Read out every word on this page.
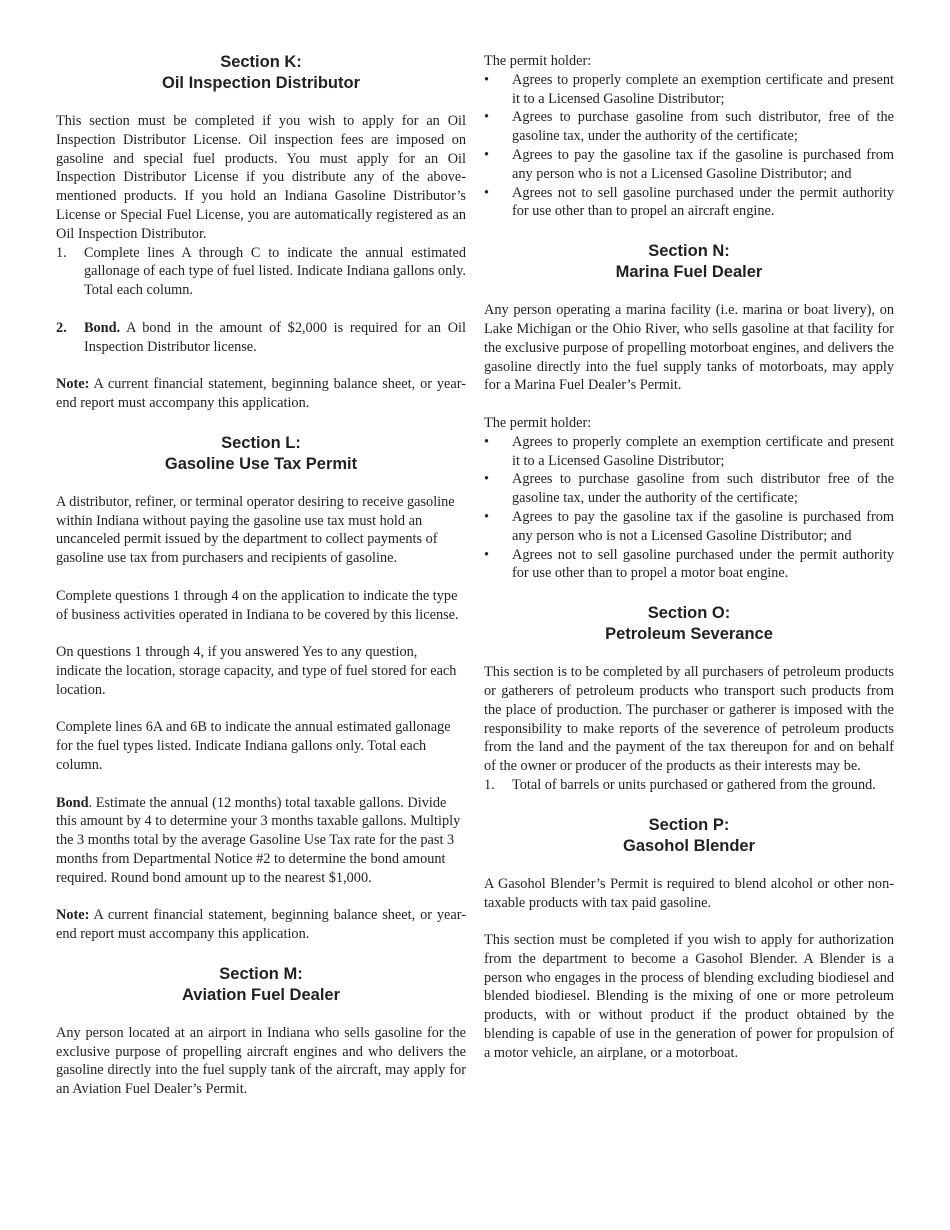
Section K:
Oil Inspection Distributor

This section must be completed if you wish to apply for an Oil Inspection Distributor License. Oil inspection fees are imposed on gasoline and special fuel products. You must apply for an Oil Inspection Distributor License if you distribute any of the above-mentioned products. If you hold an Indiana Gasoline Distributor’s License or Special Fuel License, you are automatically registered as an Oil Inspection Distributor.

1. Complete lines A through C to indicate the annual estimated gallonage of each type of fuel listed. Indicate Indiana gallons only. Total each column.
2. Bond. A bond in the amount of $2,000 is required for an Oil Inspection Distributor license.

Note: A current financial statement, beginning balance sheet, or year-end report must accompany this application.

Section L:
Gasoline Use Tax Permit

A distributor, refiner, or terminal operator desiring to receive gasoline within Indiana without paying the gasoline use tax must hold an uncanceled permit issued by the department to collect payments of gasoline use tax from purchasers and recipients of gasoline.

Complete questions 1 through 4 on the application to indicate the type of business activities operated in Indiana to be covered by this license.

On questions 1 through 4, if you answered Yes to any question, indicate the location, storage capacity, and type of fuel stored for each location.

Complete lines 6A and 6B to indicate the annual estimated gallonage for the fuel types listed. Indicate Indiana gallons only. Total each column.

Bond. Estimate the annual (12 months) total taxable gallons. Divide this amount by 4 to determine your 3 months taxable gallons. Multiply the 3 months total by the average Gasoline Use Tax rate for the past 3 months from Departmental Notice #2 to determine the bond amount required. Round bond amount up to the nearest $1,000.

Note: A current financial statement, beginning balance sheet, or year-end report must accompany this application.

Section M:
Aviation Fuel Dealer

Any person located at an airport in Indiana who sells gasoline for the exclusive purpose of propelling aircraft engines and who delivers the gasoline directly into the fuel supply tank of the aircraft, may apply for an Aviation Fuel Dealer’s Permit.

The permit holder:

• Agrees to properly complete an exemption certificate and present it to a Licensed Gasoline Distributor;
• Agrees to purchase gasoline from such distributor, free of the gasoline tax, under the authority of the certificate;
• Agrees to pay the gasoline tax if the gasoline is purchased from any person who is not a Licensed Gasoline Distributor; and
• Agrees not to sell gasoline purchased under the permit authority for use other than to propel an aircraft engine.
Section N:
Marina Fuel Dealer

Any person operating a marina facility (i.e. marina or boat livery), on Lake Michigan or the Ohio River, who sells gasoline at that facility for the exclusive purpose of propelling motorboat engines, and delivers the gasoline directly into the fuel supply tanks of motorboats, may apply for a Marina Fuel Dealer’s Permit.

The permit holder:

• Agrees to properly complete an exemption certificate and present it to a Licensed Gasoline Distributor;
• Agrees to purchase gasoline from such distributor free of the gasoline tax, under the authority of the certificate;
• Agrees to pay the gasoline tax if the gasoline is purchased from any person who is not a Licensed Gasoline Distributor; and
• Agrees not to sell gasoline purchased under the permit authority for use other than to propel a motor boat engine.
Section O:
Petroleum Severance

This section is to be completed by all purchasers of petroleum products or gatherers of petroleum products who transport such products from the place of production. The purchaser or gatherer is imposed with the responsibility to make reports of the severence of petroleum products from the land and the payment of the tax thereupon for and on behalf of the owner or producer of the products as their interests may be.

1. Total of barrels or units purchased or gathered from the ground.
Section P:
Gasohol Blender

A Gasohol Blender’s Permit is required to blend alcohol or other non-taxable products with tax paid gasoline.

This section must be completed if you wish to apply for authorization from the department to become a Gasohol Blender. A Blender is a person who engages in the process of blending excluding biodiesel and blended biodiesel. Blending is the mixing of one or more petroleum products, with or without product if the product obtained by the blending is capable of use in the generation of power for propulsion of a motor vehicle, an airplane, or a motorboat.
